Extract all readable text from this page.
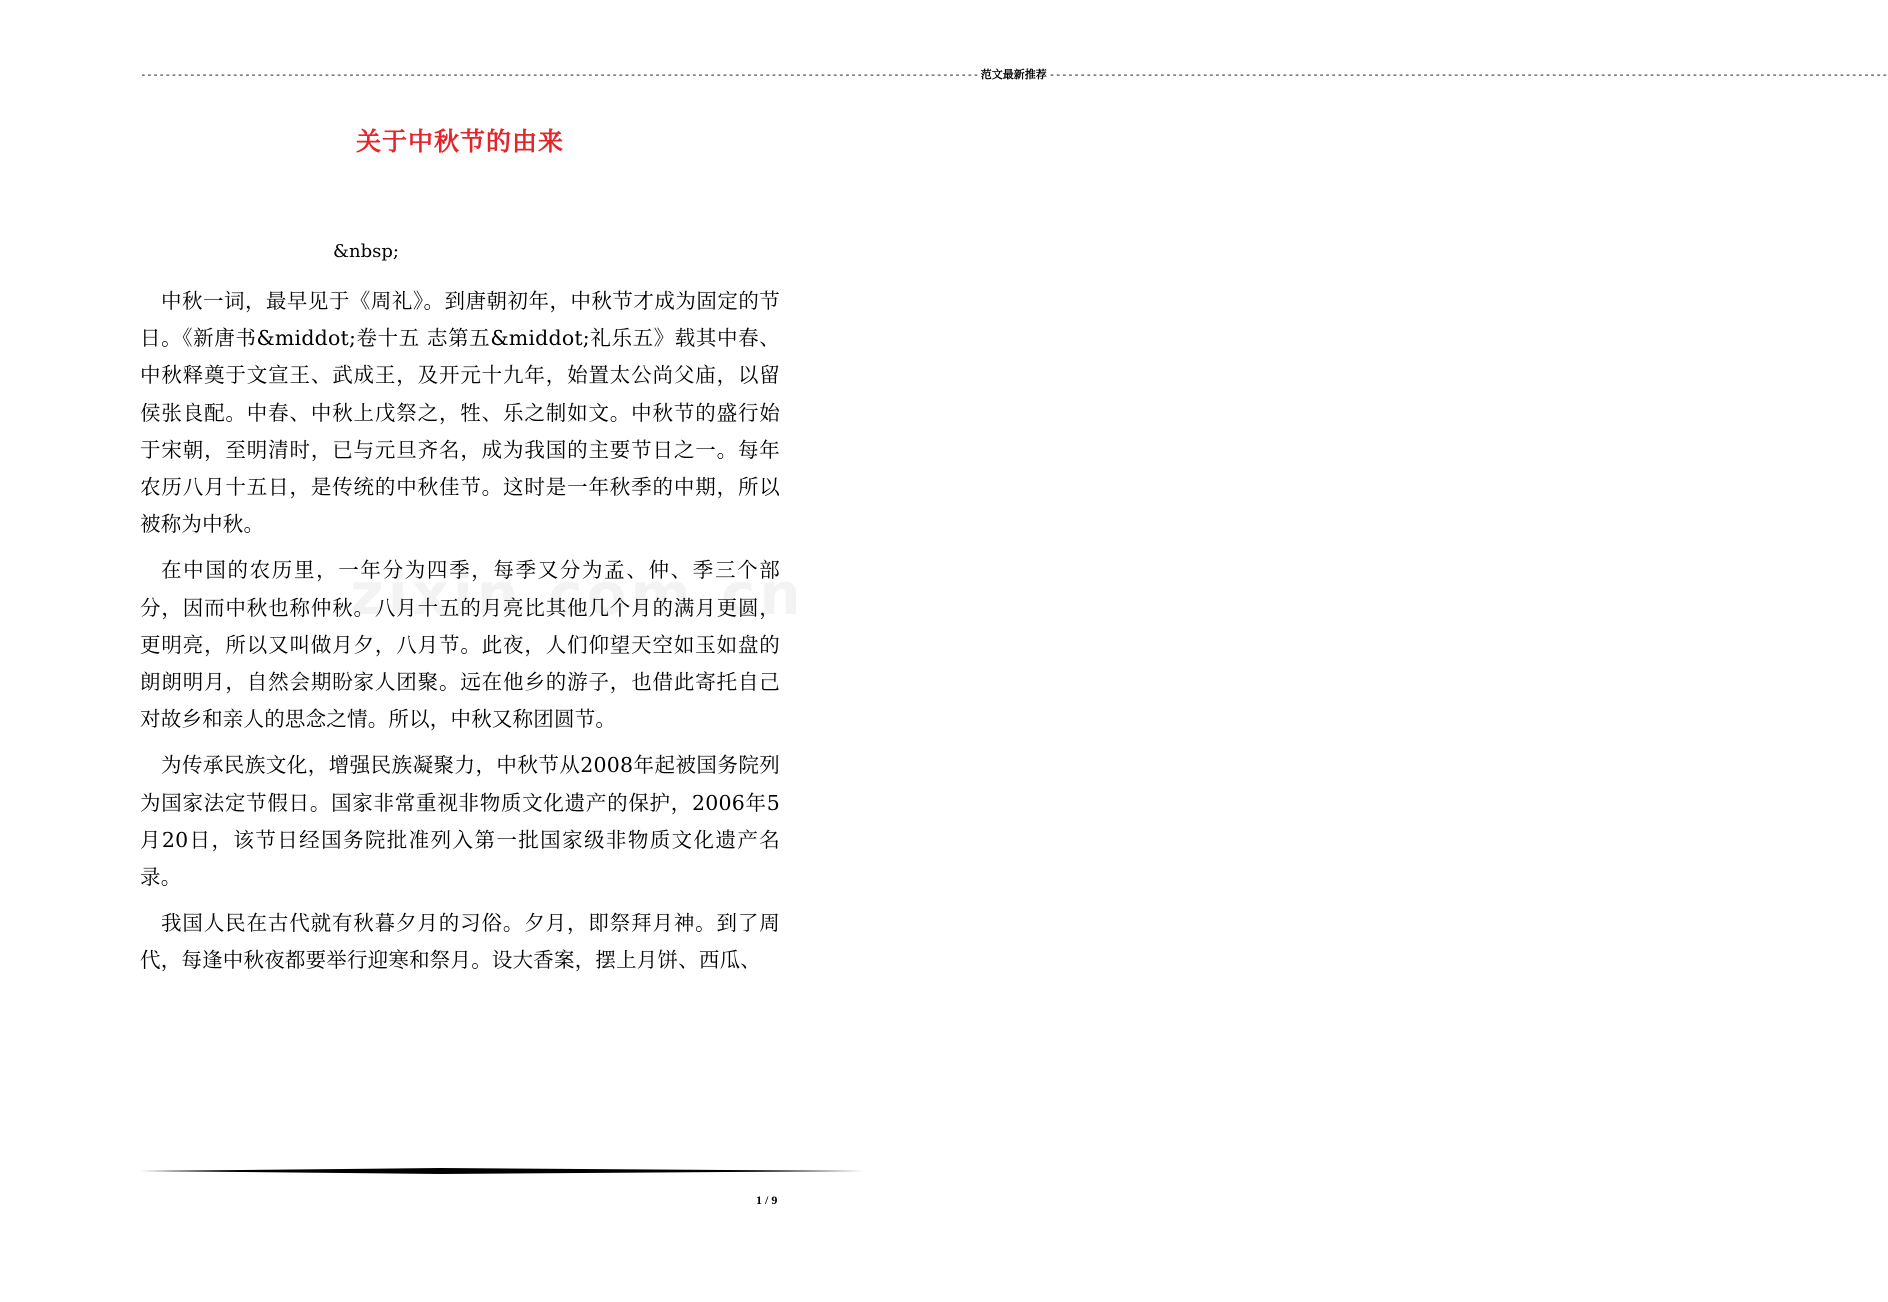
----------------------------------------------------------------------------------------------------------------------------------------- 范文最新推荐 -----------------------------------------------------------------------------------------------------------------------------------------
关于中秋节的由来
&nbsp;

中秋一词，最早见于《周礼》。到唐朝初年，中秋节才成为固定的节日。《新唐书&middot;卷十五 志第五&middot;礼乐五》载其中春、中秋释奠于文宣王、武成王，及开元十九年，始置太公尚父庙，以留侯张良配。中春、中秋上戊祭之，牲、乐之制如文。中秋节的盛行始于宋朝，至明清时，已与元旦齐名，成为我国的主要节日之一。每年农历八月十五日，是传统的中秋佳节。这时是一年秋季的中期，所以被称为中秋。

在中国的农历里，一年分为四季，每季又分为孟、仲、季三个部分，因而中秋也称仲秋。八月十五的月亮比其他几个月的满月更圆，更明亮，所以又叫做月夕，八月节。此夜，人们仰望天空如玉如盘的朗朗明月，自然会期盼家人团聚。远在他乡的游子，也借此寄托自己对故乡和亲人的思念之情。所以，中秋又称团圆节。

为传承民族文化，增强民族凝聚力，中秋节从2008年起被国务院列为国家法定节假日。国家非常重视非物质文化遗产的保护，2006年5月20日，该节日经国务院批准列入第一批国家级非物质文化遗产名录。

我国人民在古代就有秋暮夕月的习俗。夕月，即祭拜月神。到了周代，每逢中秋夜都要举行迎寒和祭月。设大香案，摆上月饼、西瓜、

1 / 9
